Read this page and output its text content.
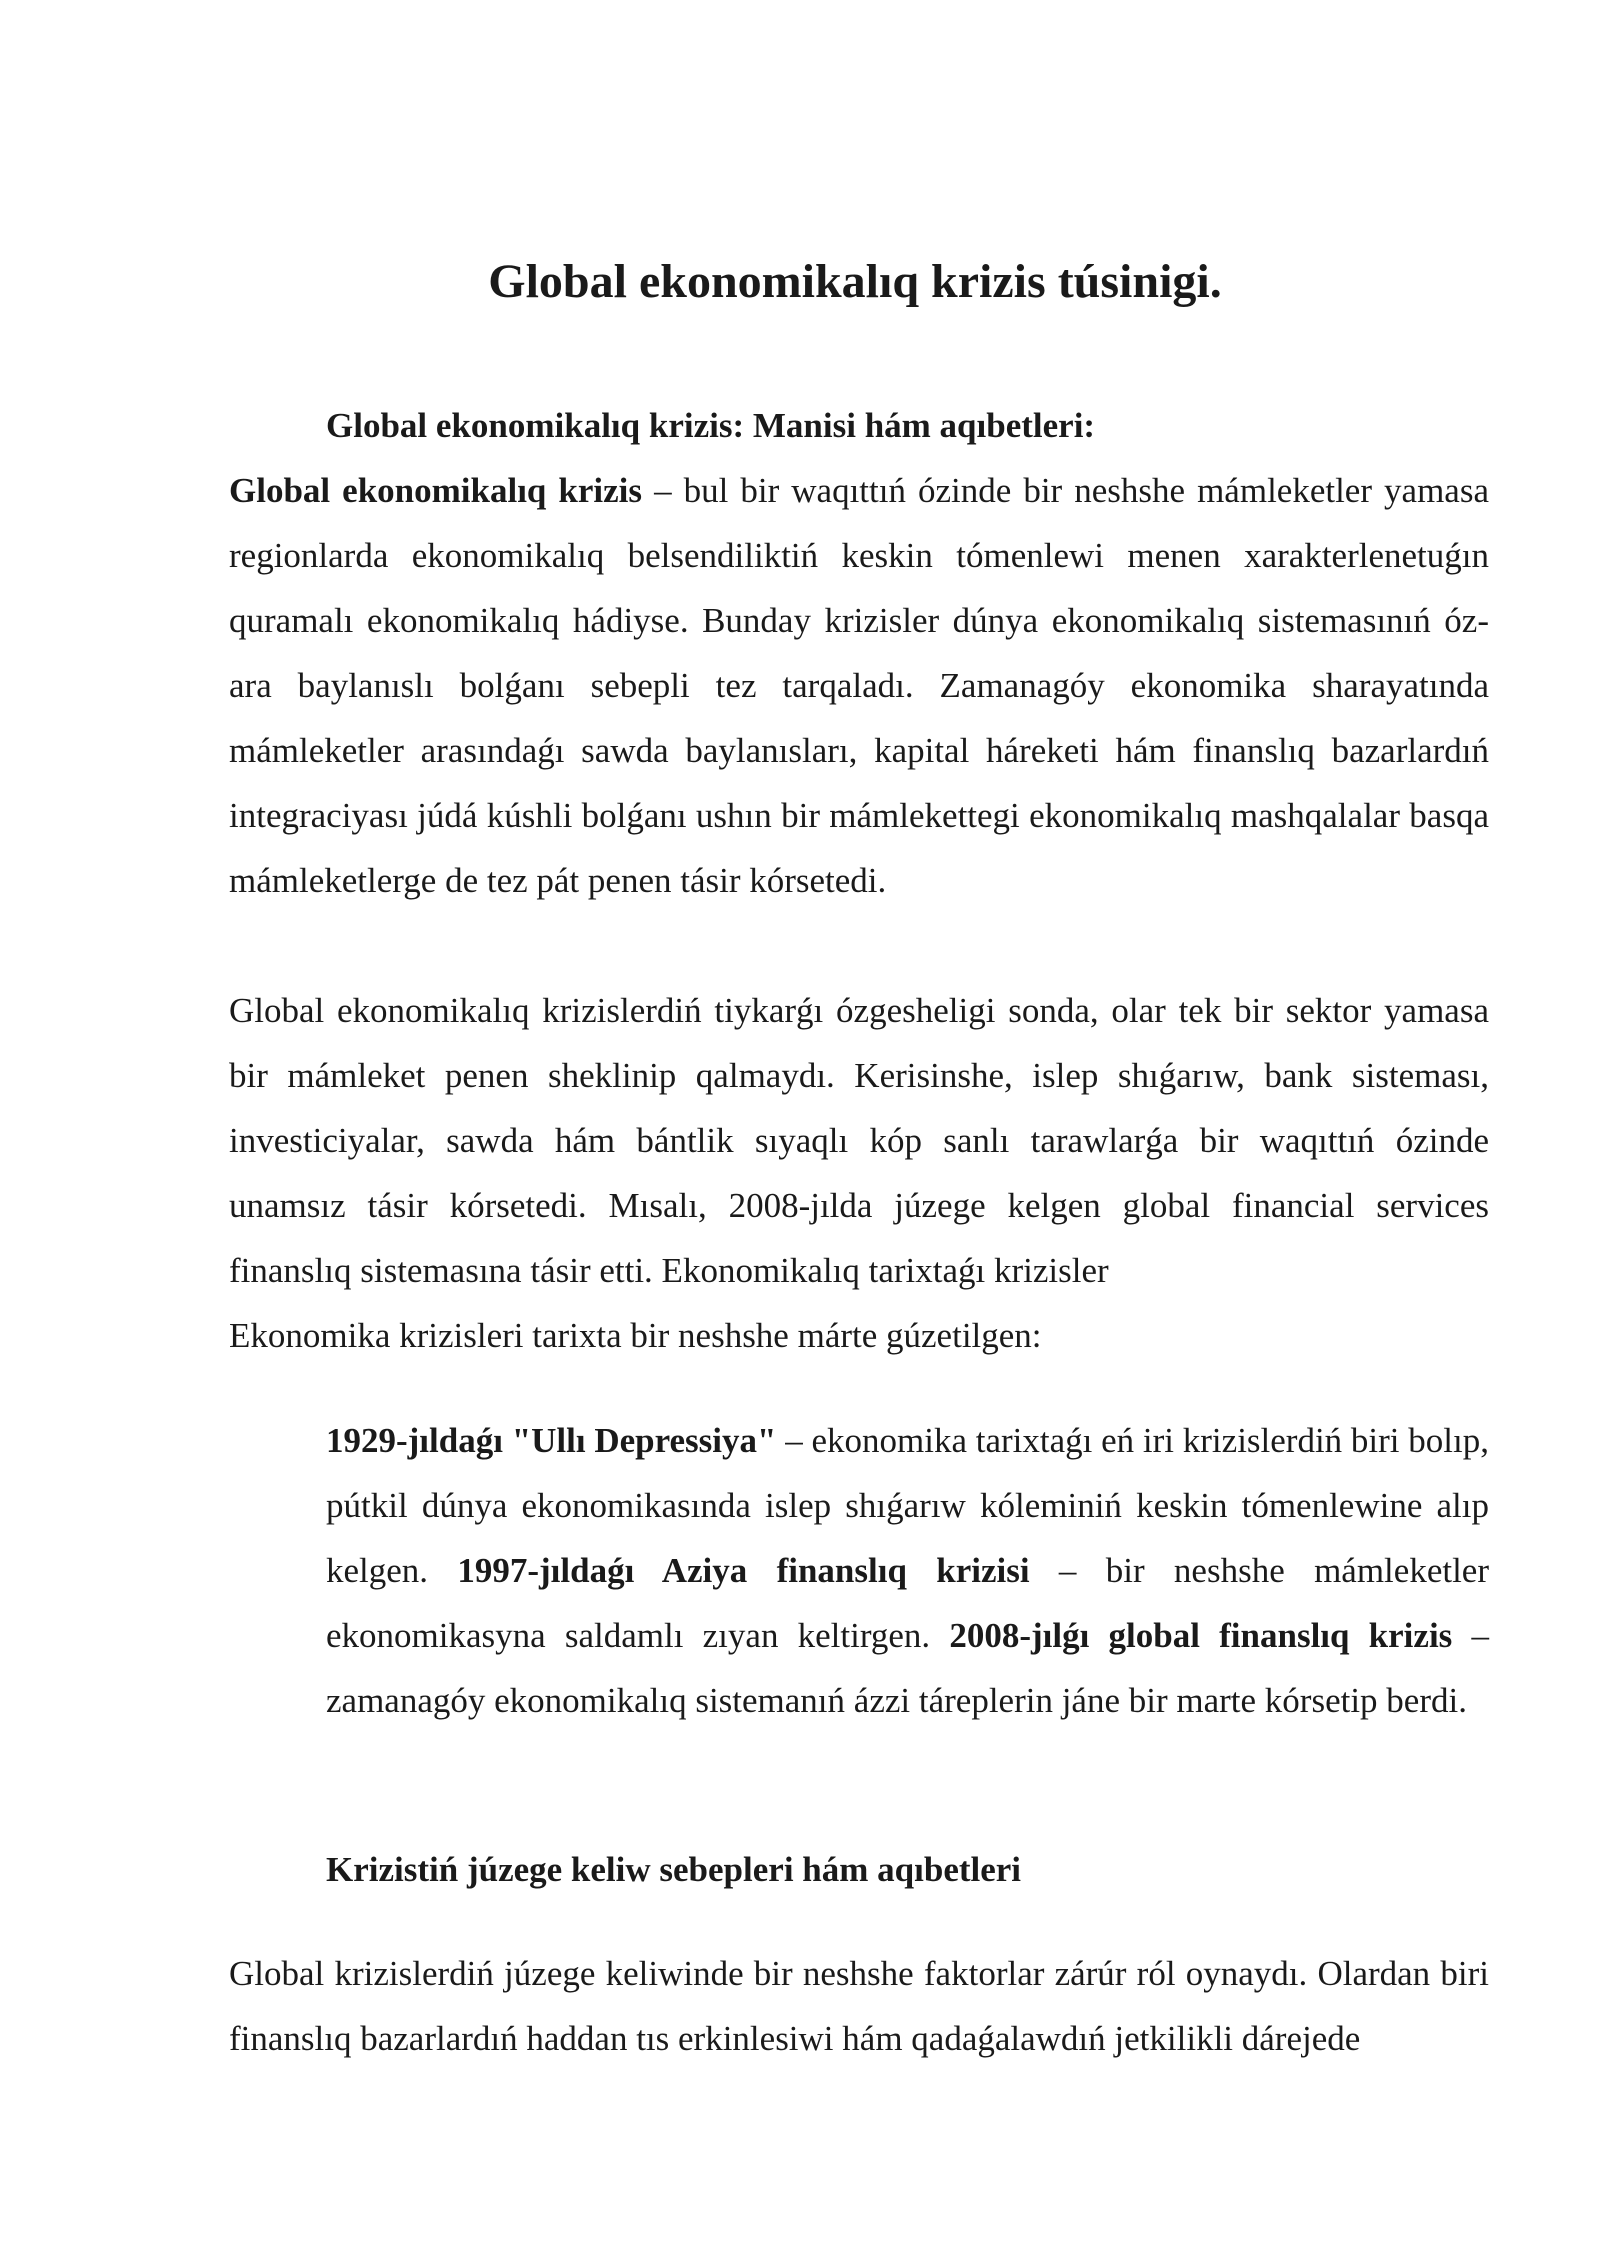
Global ekonomikalıq krizis túsinigi.

Global ekonomikalıq krizis: Manisi hám aqıbetleri:

Global ekonomikalıq krizis – bul bir waqıttıń ózinde bir neshshe mámleketler yamasa regionlarda ekonomikalıq belsendiliktiń keskin tómenlewi menen xarakterlenetuǵın quramalı ekonomikalıq hádiyse. Bunday krizisler dúnya ekonomikalıq sistemasınıń óz-ara baylanıslı bolǵanı sebepli tez tarqaladı. Zamanagóy ekonomika sharayatında mámleketler arasındaǵı sawda baylanısları, kapital háreketi hám finanslıq bazarlardıń integraciyası júdá kúshli bolǵanı ushın bir mámlekettegi ekonomikalıq mashqalalar basqa mámleketlerge de tez pát penen tásir kórsetedi.

Global ekonomikalıq krizislerdiń tiykarǵı ózgesheligi sonda, olar tek bir sektor yamasa bir mámleket penen sheklinip qalmaydı. Kerisinshe, islep shıǵarıw, bank sisteması, investiciyalar, sawda hám bántlik sıyaqlı kóp sanlı tarawlarǵa bir waqıttıń ózinde unamsız tásir kórsetedi. Mısalı, 2008-jılda júzege kelgen global financial services finanslıq sistemasına tásir etti. Ekonomikalıq tarixtaǵı krizisler

Ekonomika krizisleri tarixta bir neshshe márte gúzetilgen:

1929-jıldaǵı "Ullı Depressiya" – ekonomika tarixtaǵı eń iri krizislerdiń biri bolıp, pútkil dúnya ekonomikasında islep shıǵarıw kóleminiń keskin tómenlewine alıp kelgen. 1997-jıldaǵı Aziya finanslıq krizisi – bir neshshe mámleketler ekonomikasyna saldamlı zıyan keltirgen. 2008-jılǵı global finanslıq krizis – zamanagóy ekonomikalıq sistemanıń ázzi táreplerin jáne bir marte kórsetip berdi.

Krizistiń júzege keliw sebepleri hám aqıbetleri

Global krizislerdiń júzege keliwinde bir neshshe faktorlar zárúr ról oynaydı. Olardan biri finanslıq bazarlardıń haddan tıs erkinlesiwi hám qadaǵalawdıń jetkilikli dárejede
